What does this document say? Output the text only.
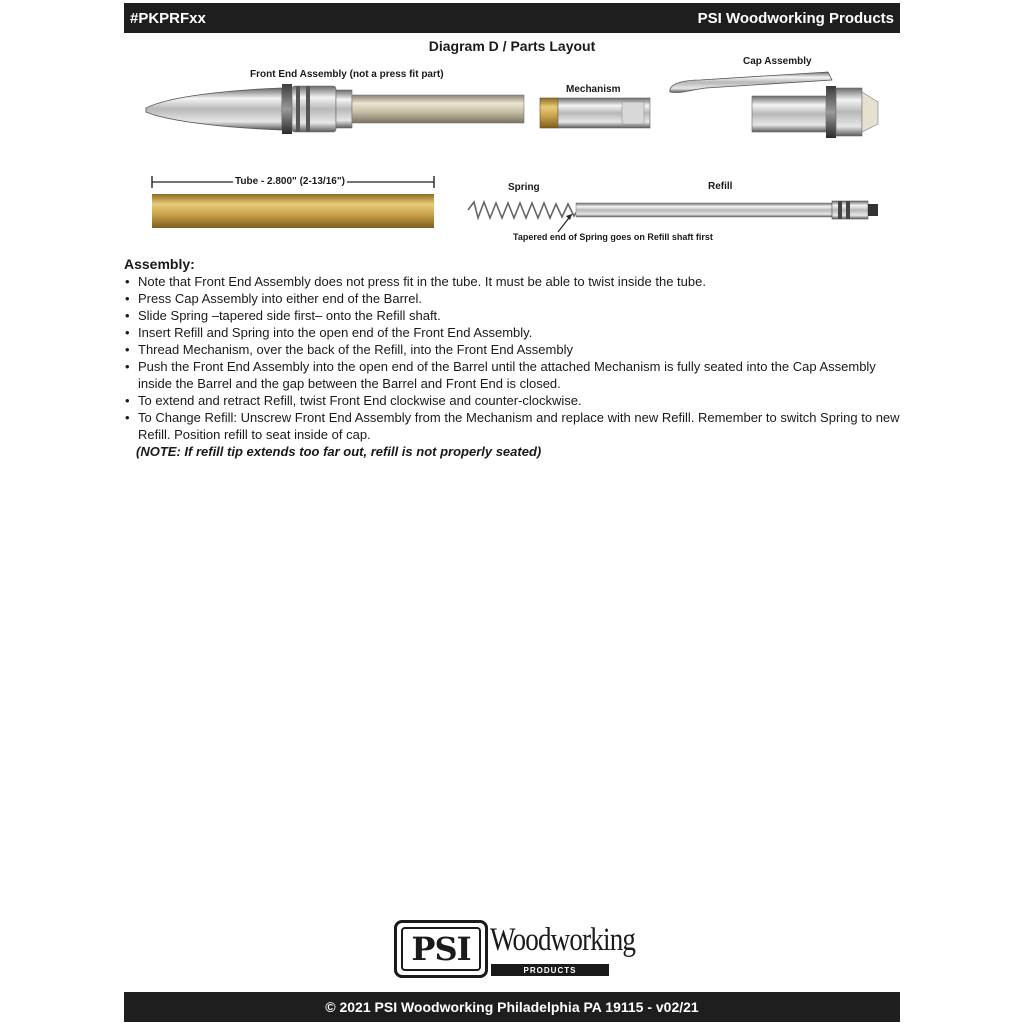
#PKPRFxx	PSI Woodworking Products
Diagram D / Parts Layout
Front End Assembly (not a press fit part)
Mechanism
Cap Assembly
Spring	Refill
Tapered end of Spring goes on Refill shaft first
Tube - 2.800" (2-13/16")
Assembly:
• Note that Front End Assembly does not press fit in the tube. It must be able to twist inside the tube.
• Press Cap Assembly into either end of the Barrel.
• Slide Spring –tapered side first– onto the Refill shaft.
• Insert Refill and Spring into the open end of the Front End Assembly.
• Thread Mechanism, over the back of the Refill, into the Front End Assembly
• Push the Front End Assembly into the open end of the Barrel until the attached Mechanism is fully seated into the Cap Assembly inside the Barrel and the gap between the Barrel and Front End is closed.
• To extend and retract Refill, twist Front End clockwise and counter-clockwise.
• To Change Refill: Unscrew Front End Assembly from the Mechanism and replace with new Refill. Remember to switch Spring to new Refill. Position refill to seat inside of cap.
(NOTE: If refill tip extends too far out, refill is not properly seated)
PSI Woodworking
PRODUCTS
© 2021 PSI Woodworking Philadelphia PA 19115 - v02/21
